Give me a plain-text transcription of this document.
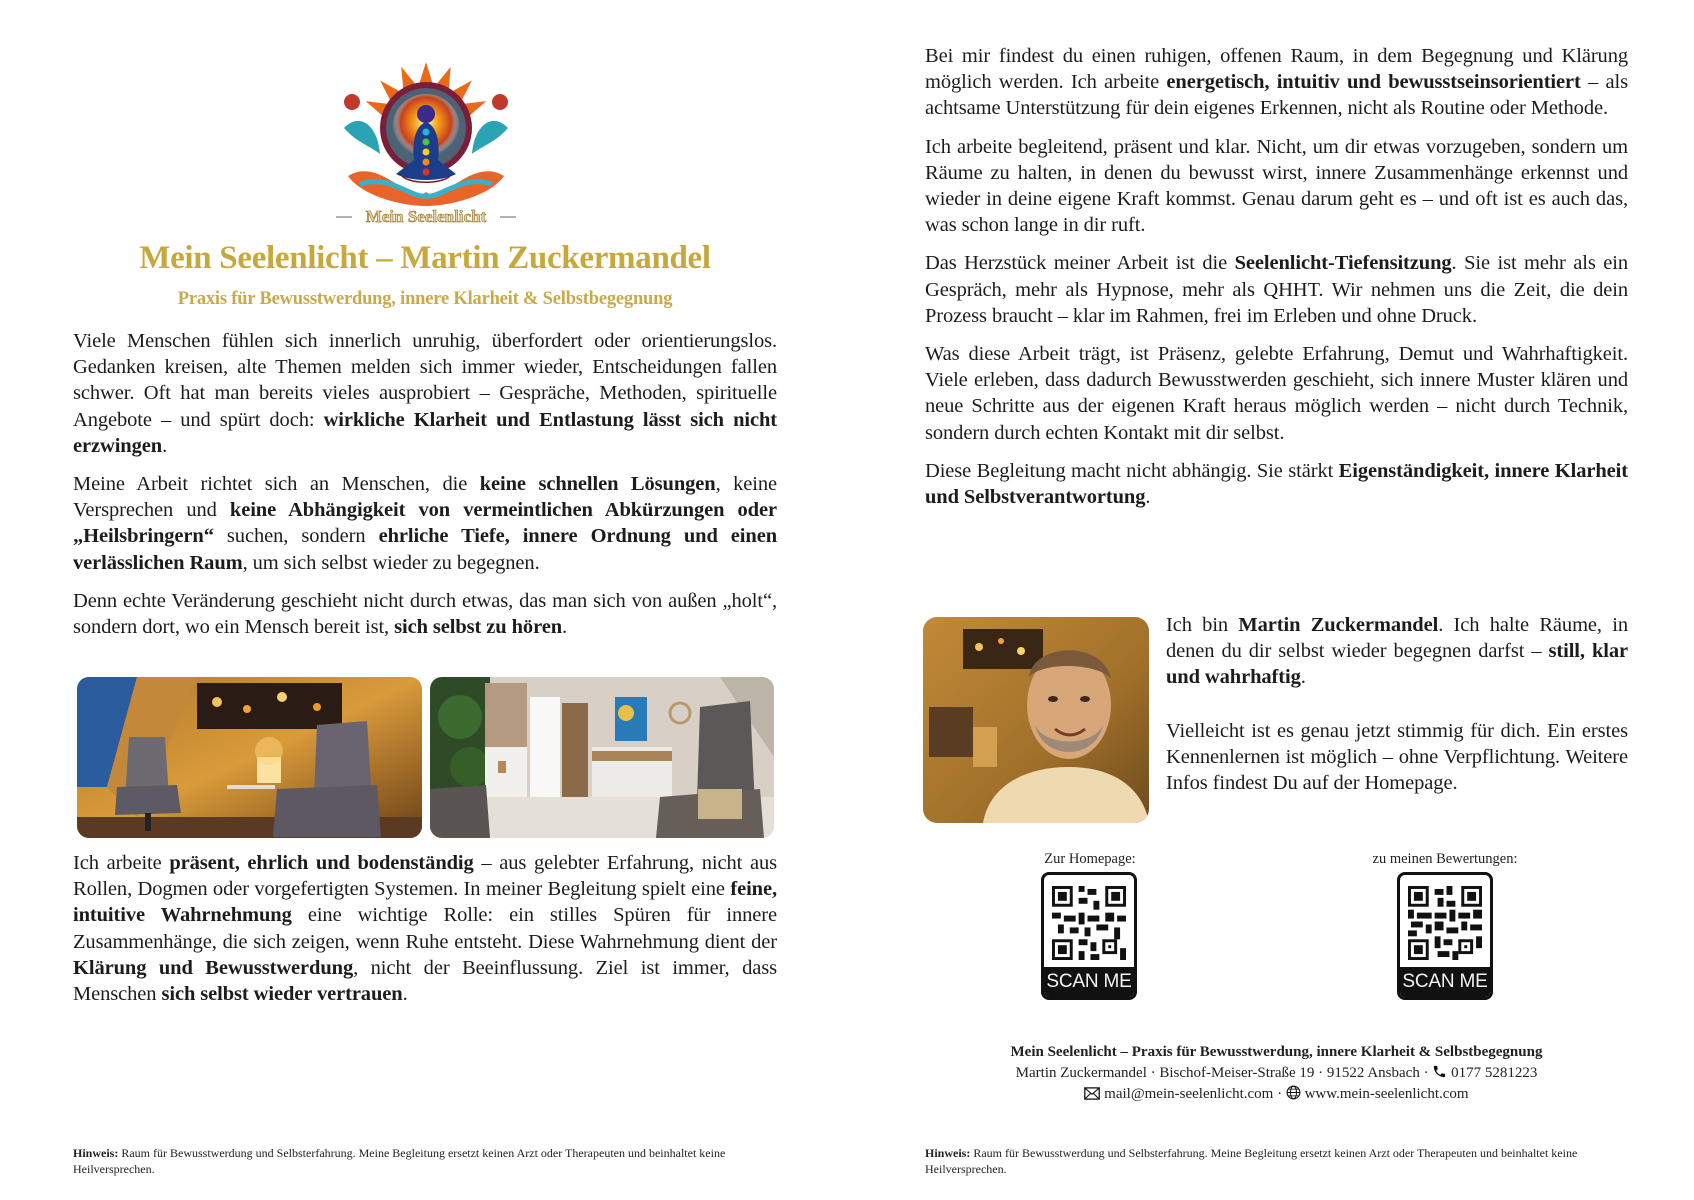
Mein Seelenlicht
Mein Seelenlicht – Martin Zuckermandel
Praxis für Bewusstwerdung, innere Klarheit & Selbstbegegnung

Viele Menschen fühlen sich innerlich unruhig, überfordert oder orientierungslos. Gedanken kreisen, alte Themen melden sich immer wieder, Entscheidungen fallen schwer. Oft hat man bereits vieles ausprobiert – Gespräche, Methoden, spirituelle Angebote – und spürt doch: wirkliche Klarheit und Entlastung lässt sich nicht erzwingen.

Meine Arbeit richtet sich an Menschen, die keine schnellen Lösungen, keine Versprechen und keine Abhängigkeit von vermeintlichen Abkürzungen oder „Heilsbringern“ suchen, sondern ehrliche Tiefe, innere Ordnung und einen verlässlichen Raum, um sich selbst wieder zu begegnen.

Denn echte Veränderung geschieht nicht durch etwas, das man sich von außen „holt“, sondern dort, wo ein Mensch bereit ist, sich selbst zu hören.

Ich arbeite präsent, ehrlich und bodenständig – aus gelebter Erfahrung, nicht aus Rollen, Dogmen oder vorgefertigten Systemen. In meiner Begleitung spielt eine feine, intuitive Wahrnehmung eine wichtige Rolle: ein stilles Spüren für innere Zusammenhänge, die sich zeigen, wenn Ruhe entsteht. Diese Wahrnehmung dient der Klärung und Bewusstwerdung, nicht der Beeinflussung. Ziel ist immer, dass Menschen sich selbst wieder vertrauen.

Hinweis: Raum für Bewusstwerdung und Selbsterfahrung. Meine Begleitung ersetzt keinen Arzt oder Therapeuten und beinhaltet keine Heilversprechen.

Bei mir findest du einen ruhigen, offenen Raum, in dem Begegnung und Klärung möglich werden. Ich arbeite energetisch, intuitiv und bewusstseinsorientiert – als achtsame Unterstützung für dein eigenes Erkennen, nicht als Routine oder Methode.

Ich arbeite begleitend, präsent und klar. Nicht, um dir etwas vorzugeben, sondern um Räume zu halten, in denen du bewusst wirst, innere Zusammenhänge erkennst und wieder in deine eigene Kraft kommst. Genau darum geht es – und oft ist es auch das, was schon lange in dir ruft.

Das Herzstück meiner Arbeit ist die Seelenlicht-Tiefensitzung. Sie ist mehr als ein Gespräch, mehr als Hypnose, mehr als QHHT. Wir nehmen uns die Zeit, die dein Prozess braucht – klar im Rahmen, frei im Erleben und ohne Druck.

Was diese Arbeit trägt, ist Präsenz, gelebte Erfahrung, Demut und Wahrhaftigkeit. Viele erleben, dass dadurch Bewusstwerden geschieht, sich innere Muster klären und neue Schritte aus der eigenen Kraft heraus möglich werden – nicht durch Technik, sondern durch echten Kontakt mit dir selbst.

Diese Begleitung macht nicht abhängig. Sie stärkt Eigenständigkeit, innere Klarheit und Selbstverantwortung.

Ich bin Martin Zuckermandel. Ich halte Räume, in denen du dir selbst wieder begegnen darfst – still, klar und wahrhaftig.

Vielleicht ist es genau jetzt stimmig für dich. Ein erstes Kennenlernen ist möglich – ohne Verpflichtung. Weitere Infos findest Du auf der Homepage.

Zur Homepage:
SCAN ME
zu meinen Bewertungen:
SCAN ME
Mein Seelenlicht – Praxis für Bewusstwerdung, innere Klarheit & Selbstbegegnung
Martin Zuckermandel · Bischof-Meiser-Straße 19 · 91522 Ansbach ·  0177 5281223
mail@mein-seelenlicht.com ·  www.mein-seelenlicht.com
Hinweis: Raum für Bewusstwerdung und Selbsterfahrung. Meine Begleitung ersetzt keinen Arzt oder Therapeuten und beinhaltet keine Heilversprechen.
